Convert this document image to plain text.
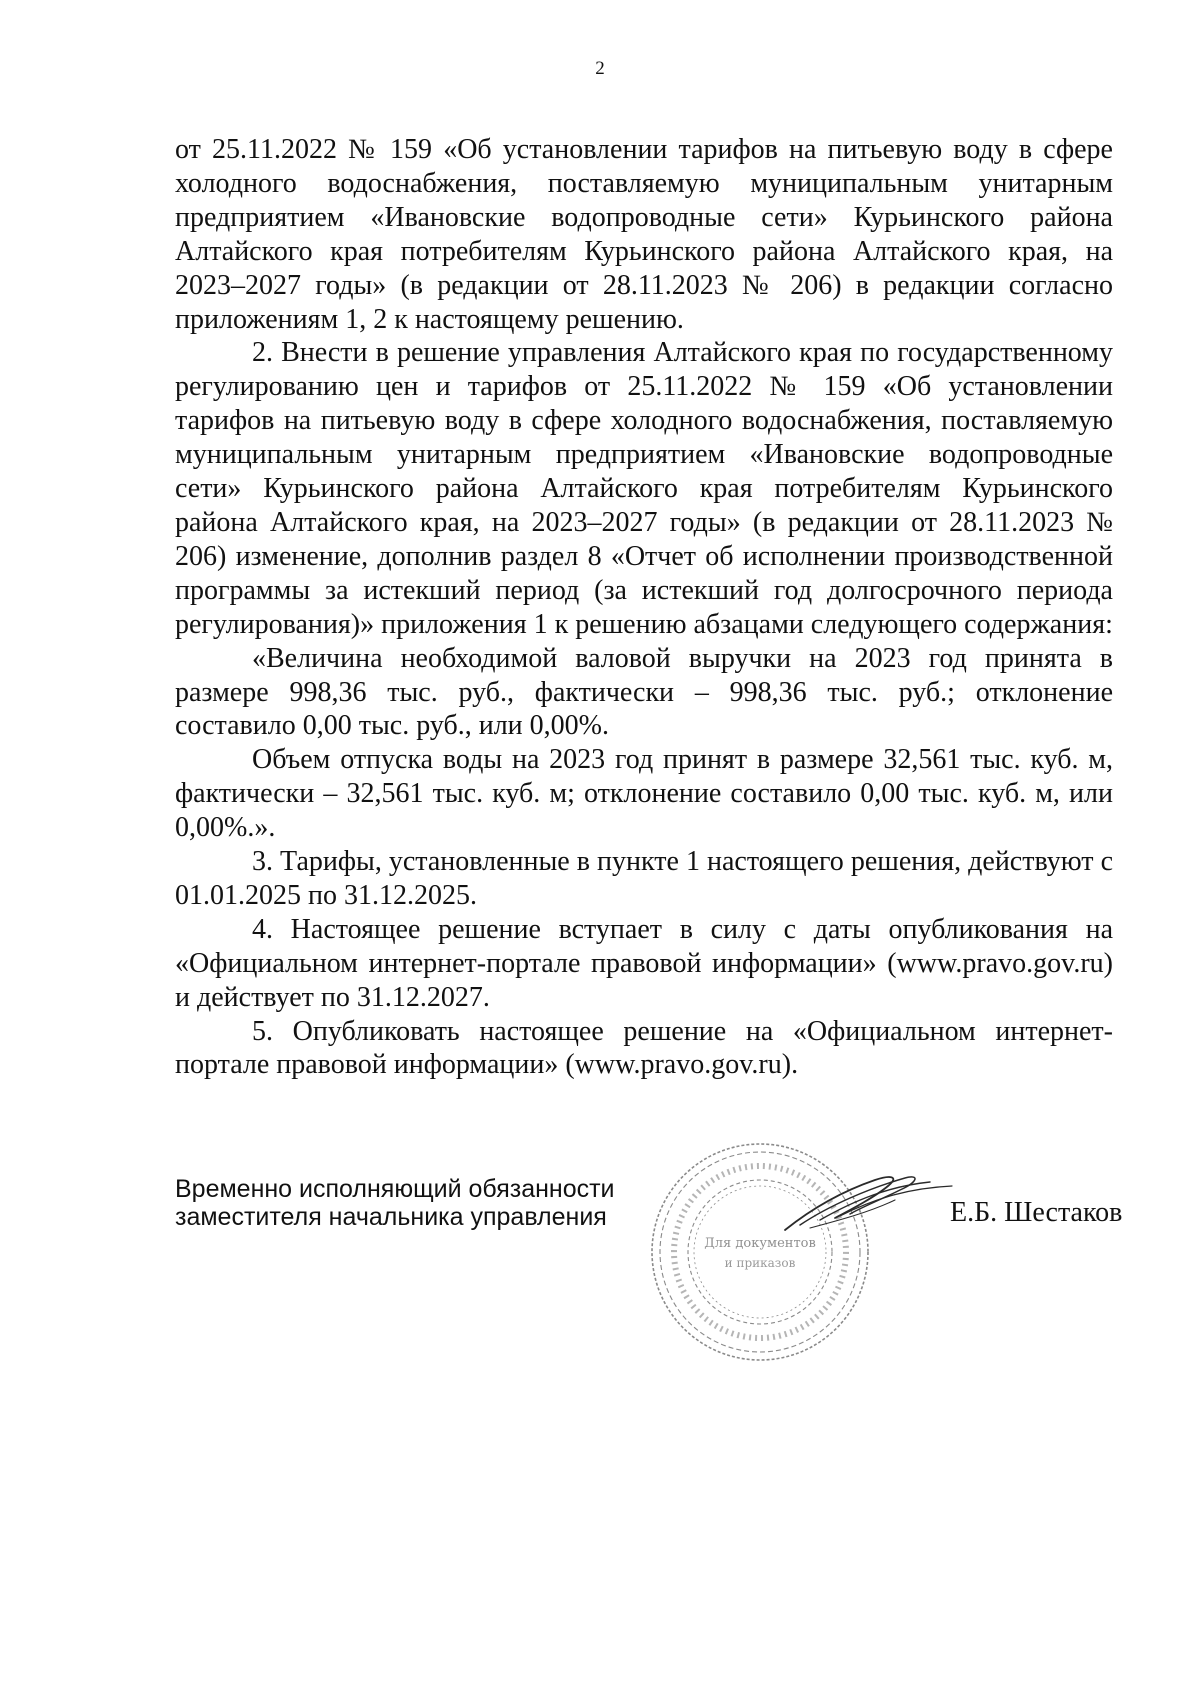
2

от 25.11.2022 № 159 «Об установлении тарифов на питьевую воду в сфере холодного водоснабжения, поставляемую муниципальным унитарным предприятием «Ивановские водопроводные сети» Курьинского района Алтайского края потребителям Курьинского района Алтайского края, на 2023–2027 годы» (в редакции от 28.11.2023 № 206) в редакции согласно приложениям 1, 2 к настоящему решению.

2. Внести в решение управления Алтайского края по государственному регулированию цен и тарифов от 25.11.2022 № 159 «Об установлении тарифов на питьевую воду в сфере холодного водоснабжения, поставляемую муниципальным унитарным предприятием «Ивановские водопроводные сети» Курьинского района Алтайского края потребителям Курьинского района Алтайского края, на 2023–2027 годы» (в редакции от 28.11.2023 № 206) изменение, дополнив раздел 8 «Отчет об исполнении производственной программы за истекший период (за истекший год долгосрочного периода регулирования)» приложения 1 к решению абзацами следующего содержания:

«Величина необходимой валовой выручки на 2023 год принята в размере 998,36 тыс. руб., фактически – 998,36 тыс. руб.; отклонение составило 0,00 тыс. руб., или 0,00%.

Объем отпуска воды на 2023 год принят в размере 32,561 тыс. куб. м, фактически – 32,561 тыс. куб. м; отклонение составило 0,00 тыс. куб. м, или 0,00%.».

3. Тарифы, установленные в пункте 1 настоящего решения, действуют с 01.01.2025 по 31.12.2025.

4. Настоящее решение вступает в силу с даты опубликования на «Официальном интернет-портале правовой информации» (www.pravo.gov.ru) и действует по 31.12.2027.

5. Опубликовать настоящее решение на «Официальном интернет-портале правовой информации» (www.pravo.gov.ru).

Временно исполняющий обязанности
заместителя начальника управления
Для документов
и приказов
Е.Б. Шестаков
